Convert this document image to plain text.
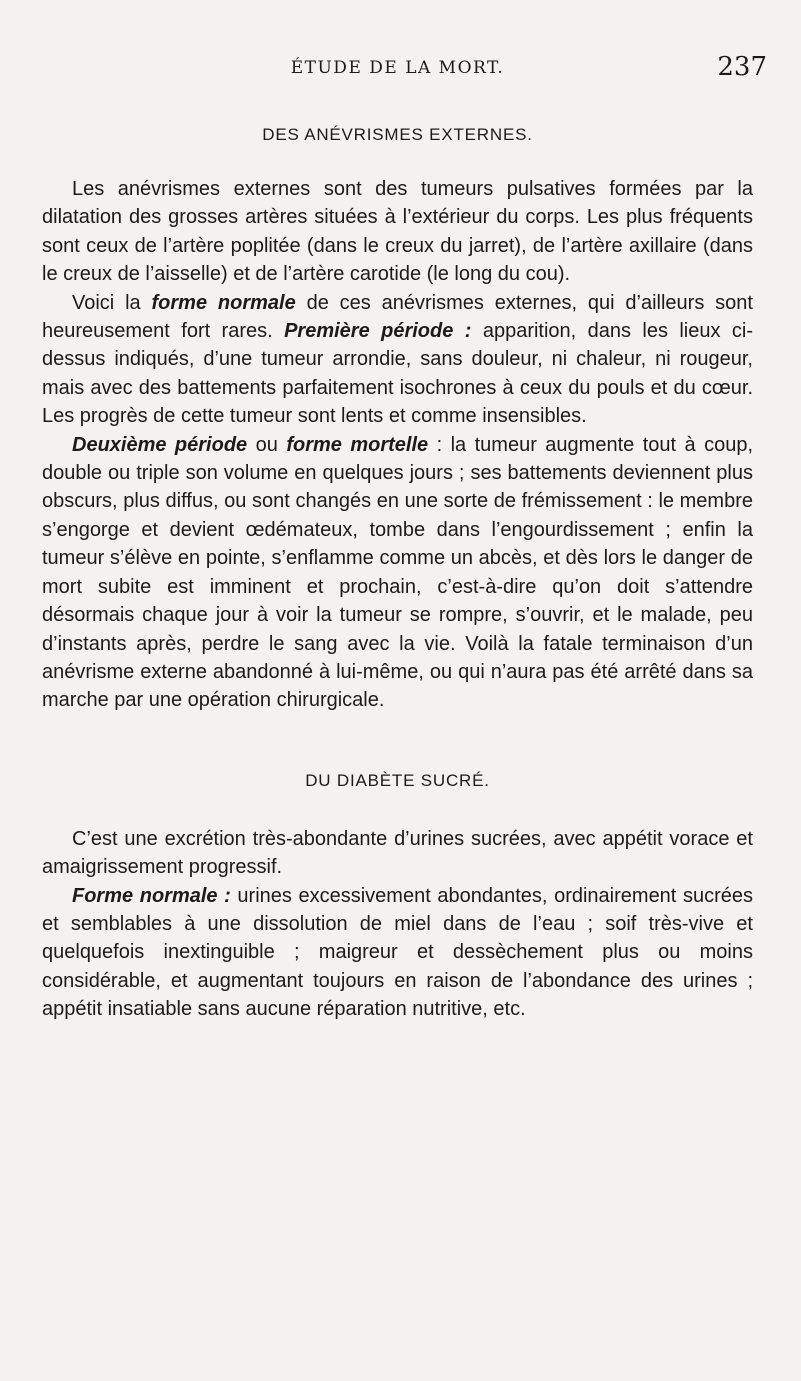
ÉTUDE DE LA MORT.	237
DES ANÉVRISMES EXTERNES.

Les anévrismes externes sont des tumeurs pulsatives formées par la dilatation des grosses artères situées à l’extérieur du corps. Les plus fréquents sont ceux de l’artère poplitée (dans le creux du jarret), de l’artère axillaire (dans le creux de l’aisselle) et de l’artère carotide (le long du cou).

Voici la forme normale de ces anévrismes externes, qui d’ailleurs sont heureusement fort rares. Première période : apparition, dans les lieux ci-dessus indiqués, d’une tumeur arrondie, sans douleur, ni chaleur, ni rougeur, mais avec des battements parfaitement isochrones à ceux du pouls et du cœur. Les progrès de cette tumeur sont lents et comme insensibles.

Deuxième période ou forme mortelle : la tumeur augmente tout à coup, double ou triple son volume en quelques jours ; ses battements deviennent plus obscurs, plus diffus, ou sont changés en une sorte de frémissement : le membre s’engorge et devient œdémateux, tombe dans l’engourdissement ; enfin la tumeur s’élève en pointe, s’enflamme comme un abcès, et dès lors le danger de mort subite est imminent et prochain, c’est-à-dire qu’on doit s’attendre désormais chaque jour à voir la tumeur se rompre, s’ouvrir, et le malade, peu d’instants après, perdre le sang avec la vie. Voilà la fatale terminaison d’un anévrisme externe abandonné à lui-même, ou qui n’aura pas été arrêté dans sa marche par une opération chirurgicale.

DU DIABÈTE SUCRÉ.

C’est une excrétion très-abondante d’urines sucrées, avec appétit vorace et amaigrissement progressif.

Forme normale : urines excessivement abondantes, ordinairement sucrées et semblables à une dissolution de miel dans de l’eau ; soif très-vive et quelquefois inextinguible ; maigreur et dessèchement plus ou moins considérable, et augmentant toujours en raison de l’abondance des urines ; appétit insatiable sans aucune réparation nutritive, etc.
